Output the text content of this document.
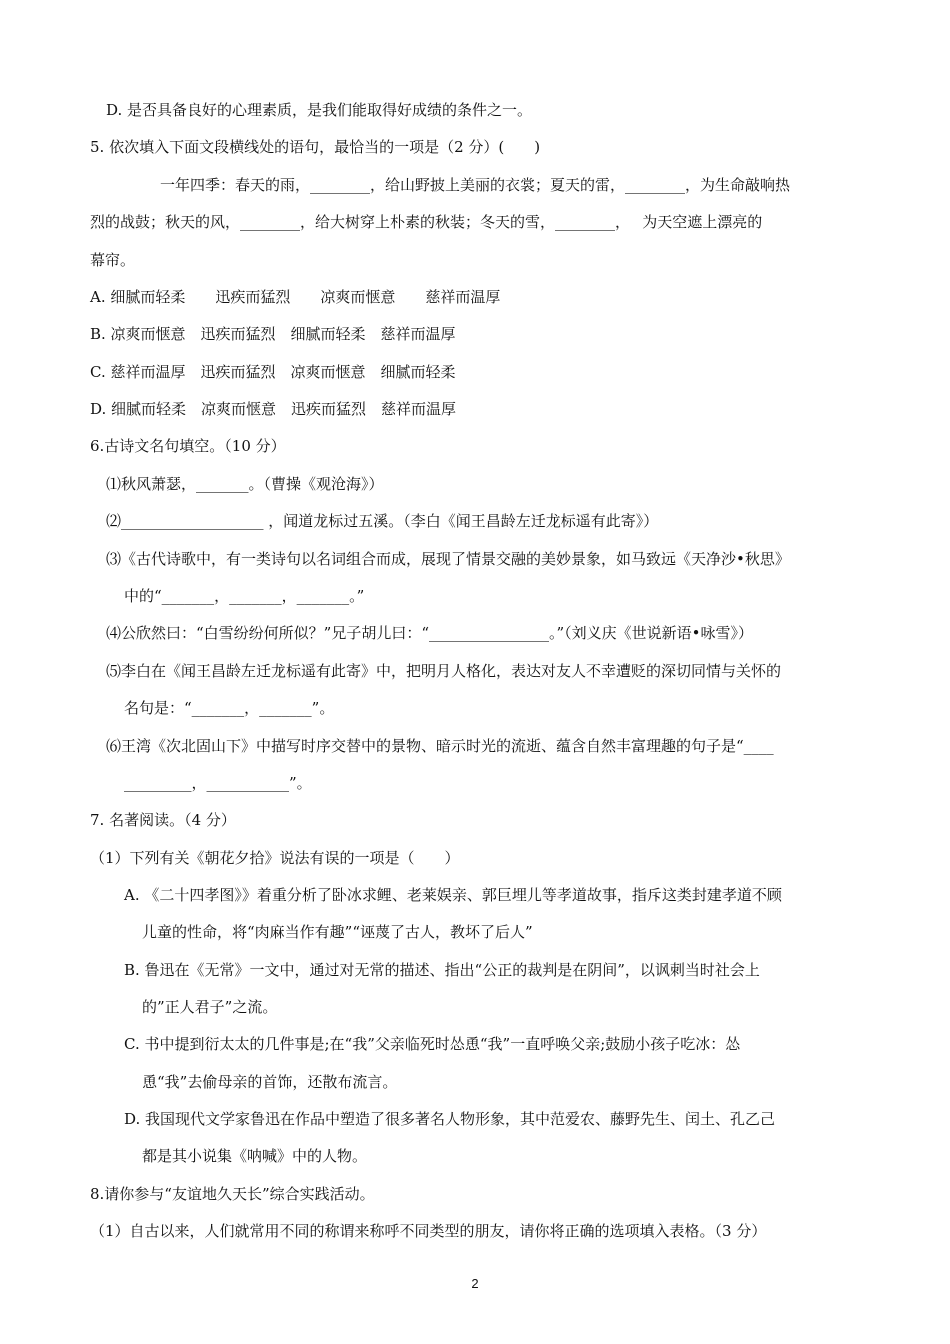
D. 是否具备良好的心理素质，是我们能取得好成绩的条件之一。
5. 依次填入下面文段横线处的语句，最恰当的一项是（2 分）(　　)
一年四季：春天的雨，________，给山野披上美丽的衣裳；夏天的雷，________，为生命敲响热
烈的战鼓；秋天的风，________，给大树穿上朴素的秋装；冬天的雪，________，　 为天空遮上漂亮的
幕帘。
A. 细腻而轻柔　　迅疾而猛烈　　凉爽而惬意　　慈祥而温厚
B. 凉爽而惬意　迅疾而猛烈　细腻而轻柔　慈祥而温厚
C. 慈祥而温厚　迅疾而猛烈　凉爽而惬意　细腻而轻柔
D. 细腻而轻柔　凉爽而惬意　迅疾而猛烈　慈祥而温厚
6.古诗文名句填空。（10 分）
⑴秋风萧瑟，_______。（曹操《观沧海》）
⑵___________________ ，闻道龙标过五溪。（李白《闻王昌龄左迁龙标遥有此寄》）
⑶《古代诗歌中，有一类诗句以名词组合而成，展现了情景交融的美妙景象，如马致远《天净沙•秋思》
中的“_______，_______，_______。”
⑷公欣然曰：“白雪纷纷何所似？”兄子胡儿曰：“________________。”（刘义庆《世说新语•咏雪》）
⑸李白在《闻王昌龄左迁龙标遥有此寄》中，把明月人格化，表达对友人不幸遭贬的深切同情与关怀的
名句是：“_______，_______”。
⑹王湾《次北固山下》中描写时序交替中的景物、暗示时光的流逝、蕴含自然丰富理趣的句子是“____
_________，___________”。
7. 名著阅读。（4 分）
（1）下列有关《朝花夕拾》说法有误的一项是（　　）
A. 《二十四孝图》》着重分析了卧冰求鲤、老莱娱亲、郭巨埋儿等孝道故事，指斥这类封建孝道不顾
儿童的性命，将“肉麻当作有趣”“诬蔑了古人，教坏了后人”
B. 鲁迅在《无常》一文中，通过对无常的描述、指出“公正的裁判是在阴间”，以讽刺当时社会上
的”正人君子”之流。
C. 书中提到衍太太的几件事是;在“我”父亲临死时怂恿“我”一直呼唤父亲;鼓励小孩子吃冰：怂
恿“我”去偷母亲的首饰，还散布流言。
D. 我国现代文学家鲁迅在作品中塑造了很多著名人物形象，其中范爱农、藤野先生、闰土、孔乙己
都是其小说集《呐喊》中的人物。
8.请你参与“友谊地久天长”综合实践活动。
（1）自古以来，人们就常用不同的称谓来称呼不同类型的朋友，请你将正确的选项填入表格。（3 分）
2
